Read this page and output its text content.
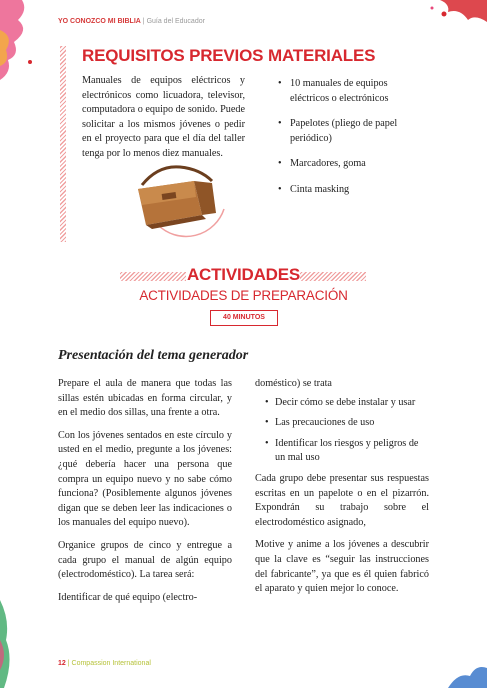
YO CONOZCO MI BIBLIA | Guía del Educador
REQUISITOS PREVIOS
Manuales de equipos eléctricos y electrónicos como licuadora, televisor, computadora o equipo de sonido. Puede solicitar a los mismos jóvenes o pedir en el proyecto para que el día del taller tenga por lo menos diez manuales.
MATERIALES
• 10 manuales de equipos eléctricos o electrónicos
• Papelotes (pliego de papel periódico)
• Marcadores, goma
• Cinta masking
ACTIVIDADES
ACTIVIDADES DE PREPARACIÓN
40 MINUTOS
Presentación del tema generador

Prepare el aula de manera que todas las sillas estén ubicadas en forma circular, y en el medio dos sillas, una frente a otra.

Con los jóvenes sentados en este círculo y usted en el medio, pregunte a los jóvenes: ¿qué debería hacer una persona que compra un equipo nuevo y no sabe cómo funciona? (Posiblemente algunos jóvenes digan que se deben leer las indicaciones o los manuales del equipo nuevo).

Organice grupos de cinco y entregue a cada grupo el manual de algún equipo (electrodoméstico). La tarea será:

Identificar de qué equipo (electro-

doméstico) se trata

• Decir cómo se debe instalar y usar
• Las precauciones de uso
• Identificar los riesgos y peligros de un mal uso

Cada grupo debe presentar sus respuestas escritas en un papelote o en el pizarrón. Expondrán su trabajo sobre el electrodoméstico asignado,

Motive y anime a los jóvenes a descubrir que la clave es “seguir las instrucciones del fabricante”, ya que es él quien fabricó el aparato y quien mejor lo conoce.

12 | Compassion International
